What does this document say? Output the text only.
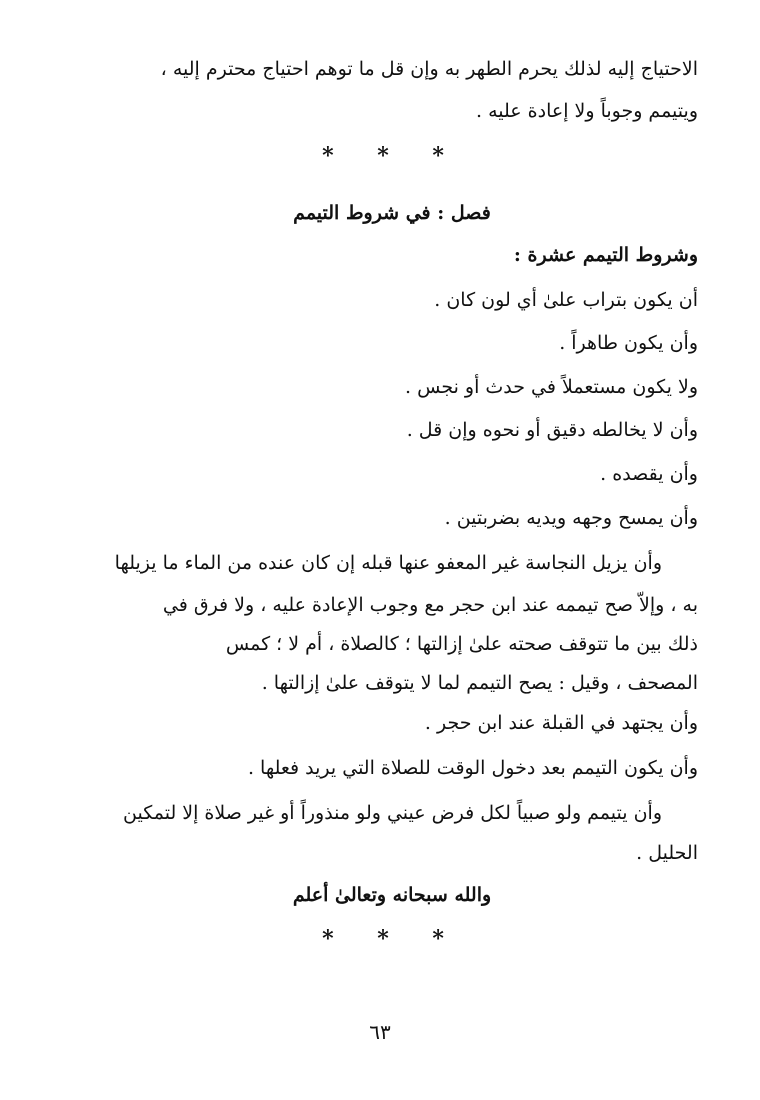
الاحتياج إليه لذلك يحرم الطهر به وإن قل ما توهم احتياج محترم إليه ،
ويتيمم وجوباً ولا إعادة عليه .
* * *
فصل : في شروط التيمم
وشروط التيمم عشرة :
أن يكون بتراب علىٰ أي لون كان .
وأن يكون طاهراً .
ولا يكون مستعملاً في حدث أو نجس .
وأن لا يخالطه دقيق أو نحوه وإن قل .
وأن يقصده .
وأن يمسح وجهه ويديه بضربتين .
وأن يزيل النجاسة غير المعفو عنها قبله إن كان عنده من الماء ما يزيلها
به ، وإلاّ صح تيممه عند ابن حجر مع وجوب الإعادة عليه ، ولا فرق في
ذلك بين ما تتوقف صحته علىٰ إزالتها ؛ كالصلاة ، أم لا ؛ كمس
المصحف ، وقيل : يصح التيمم لما لا يتوقف علىٰ إزالتها .
وأن يجتهد في القبلة عند ابن حجر .
وأن يكون التيمم بعد دخول الوقت للصلاة التي يريد فعلها .
وأن يتيمم ولو صبياً لكل فرض عيني ولو منذوراً أو غير صلاة إلا لتمكين
الحليل .
والله سبحانه وتعالىٰ أعلم
* * *
٦٣
